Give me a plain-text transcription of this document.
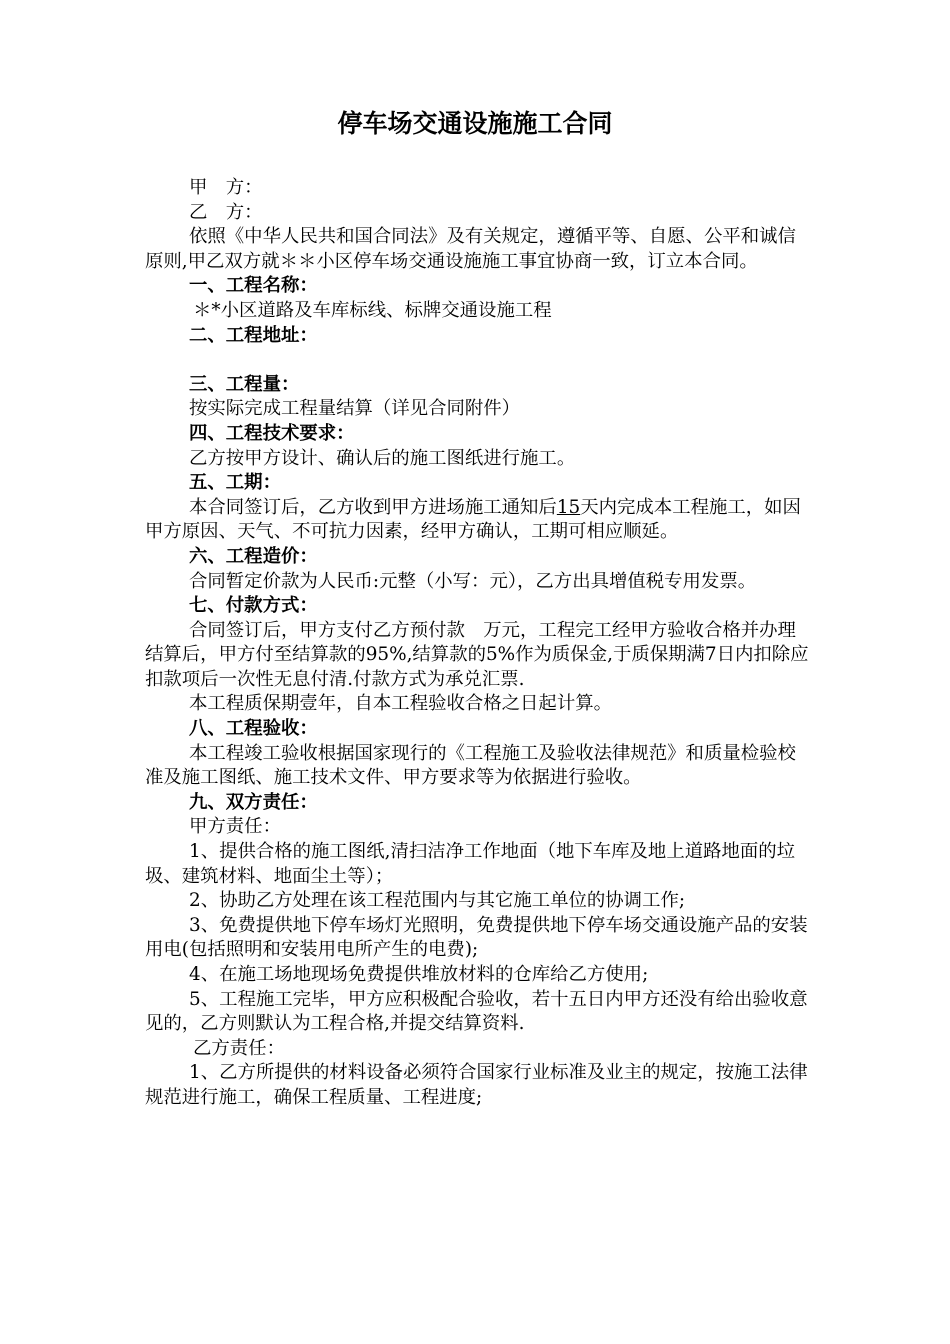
停车场交通设施施工合同

甲　方：

乙　方：

依照《中华人民共和国合同法》及有关规定，遵循平等、自愿、公平和诚信原则,甲乙双方就＊＊小区停车场交通设施施工事宜协商一致，订立本合同。

一、工程名称：

＊*小区道路及车库标线、标牌交通设施工程

二、工程地址：

三、工程量：

按实际完成工程量结算（详见合同附件）

四、工程技术要求：

乙方按甲方设计、确认后的施工图纸进行施工。

五、工期：

本合同签订后，乙方收到甲方进场施工通知后15天内完成本工程施工，如因甲方原因、天气、不可抗力因素，经甲方确认，工期可相应顺延。

六、工程造价：

合同暂定价款为人民币:元整（小写：元），乙方出具增值税专用发票。

七、付款方式：

合同签订后，甲方支付乙方预付款　万元，工程完工经甲方验收合格并办理结算后，甲方付至结算款的95%,结算款的5%作为质保金,于质保期满7日内扣除应扣款项后一次性无息付清.付款方式为承兑汇票.

本工程质保期壹年，自本工程验收合格之日起计算。

八、工程验收：

本工程竣工验收根据国家现行的《工程施工及验收法律规范》和质量检验校准及施工图纸、施工技术文件、甲方要求等为依据进行验收。

九、双方责任：

甲方责任：

1、提供合格的施工图纸,清扫洁净工作地面（地下车库及地上道路地面的垃圾、建筑材料、地面尘土等）；

2、协助乙方处理在该工程范围内与其它施工单位的协调工作;

3、免费提供地下停车场灯光照明，免费提供地下停车场交通设施产品的安装用电(包括照明和安装用电所产生的电费);

4、在施工场地现场免费提供堆放材料的仓库给乙方使用;

5、工程施工完毕，甲方应积极配合验收，若十五日内甲方还没有给出验收意见的，乙方则默认为工程合格,并提交结算资料.

乙方责任：

1、乙方所提供的材料设备必须符合国家行业标准及业主的规定，按施工法律规范进行施工，确保工程质量、工程进度;
